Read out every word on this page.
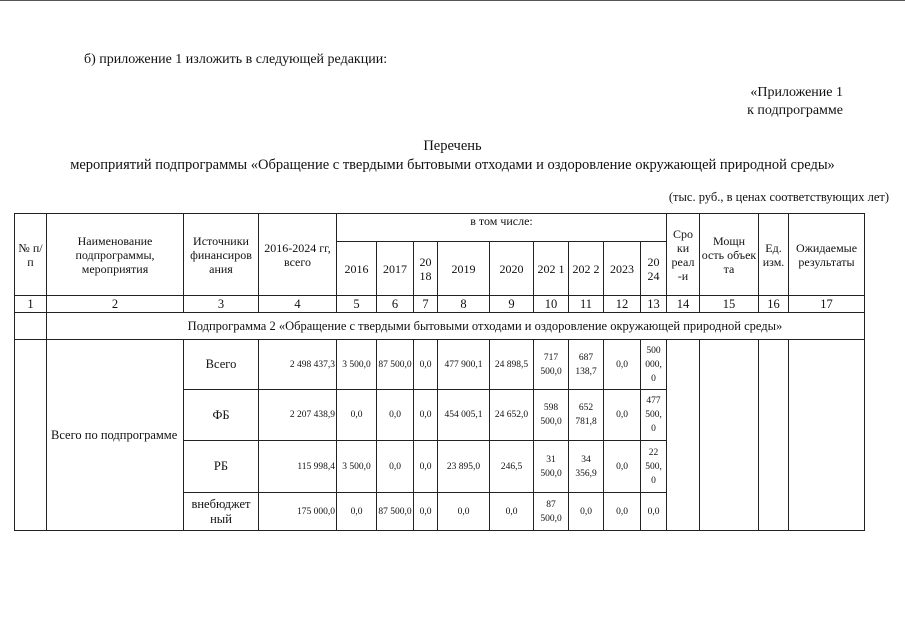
б) приложение 1 изложить в следующей редакции:
«Приложение 1
к подпрограмме
Перечень
мероприятий подпрограммы «Обращение с твердыми бытовыми отходами и оздоровление окружающей природной среды»
(тыс. руб., в ценах соответствующих лет)
№ п/п	Наименование подпрограммы, мероприятия	Источники финансиров ания	2016-2024 гг, всего	в том числе:									Сро ки реал -и	Мощн ость объек та	Ед. изм.	Ожидаемые результаты
				2016	2017	20 18	2019	2020	202 1	202 2	2023	20 24				
1	2	3	4	5	6	7	8	9	10	11	12	13	14	15	16	17
	Подпрограмма 2 «Обращение с твердыми бытовыми отходами и оздоровление окружающей природной среды»															
	Всего по подпрограмме	Всего	2 498 437,3	3 500,0	87 500,0	0,0	477 900,1	24 898,5	717 500,0	687 138,7	0,0	500 000, 0				
		ФБ	2 207 438,9	0,0	0,0	0,0	454 005,1	24 652,0	598 500,0	652 781,8	0,0	477 500, 0				
		РБ	115 998,4	3 500,0	0,0	0,0	23 895,0	246,5	31 500,0	34 356,9	0,0	22 500, 0				
		внебюджет ный	175 000,0	0,0	87 500,0	0,0	0,0	0,0	87 500,0	0,0	0,0	0,0				
